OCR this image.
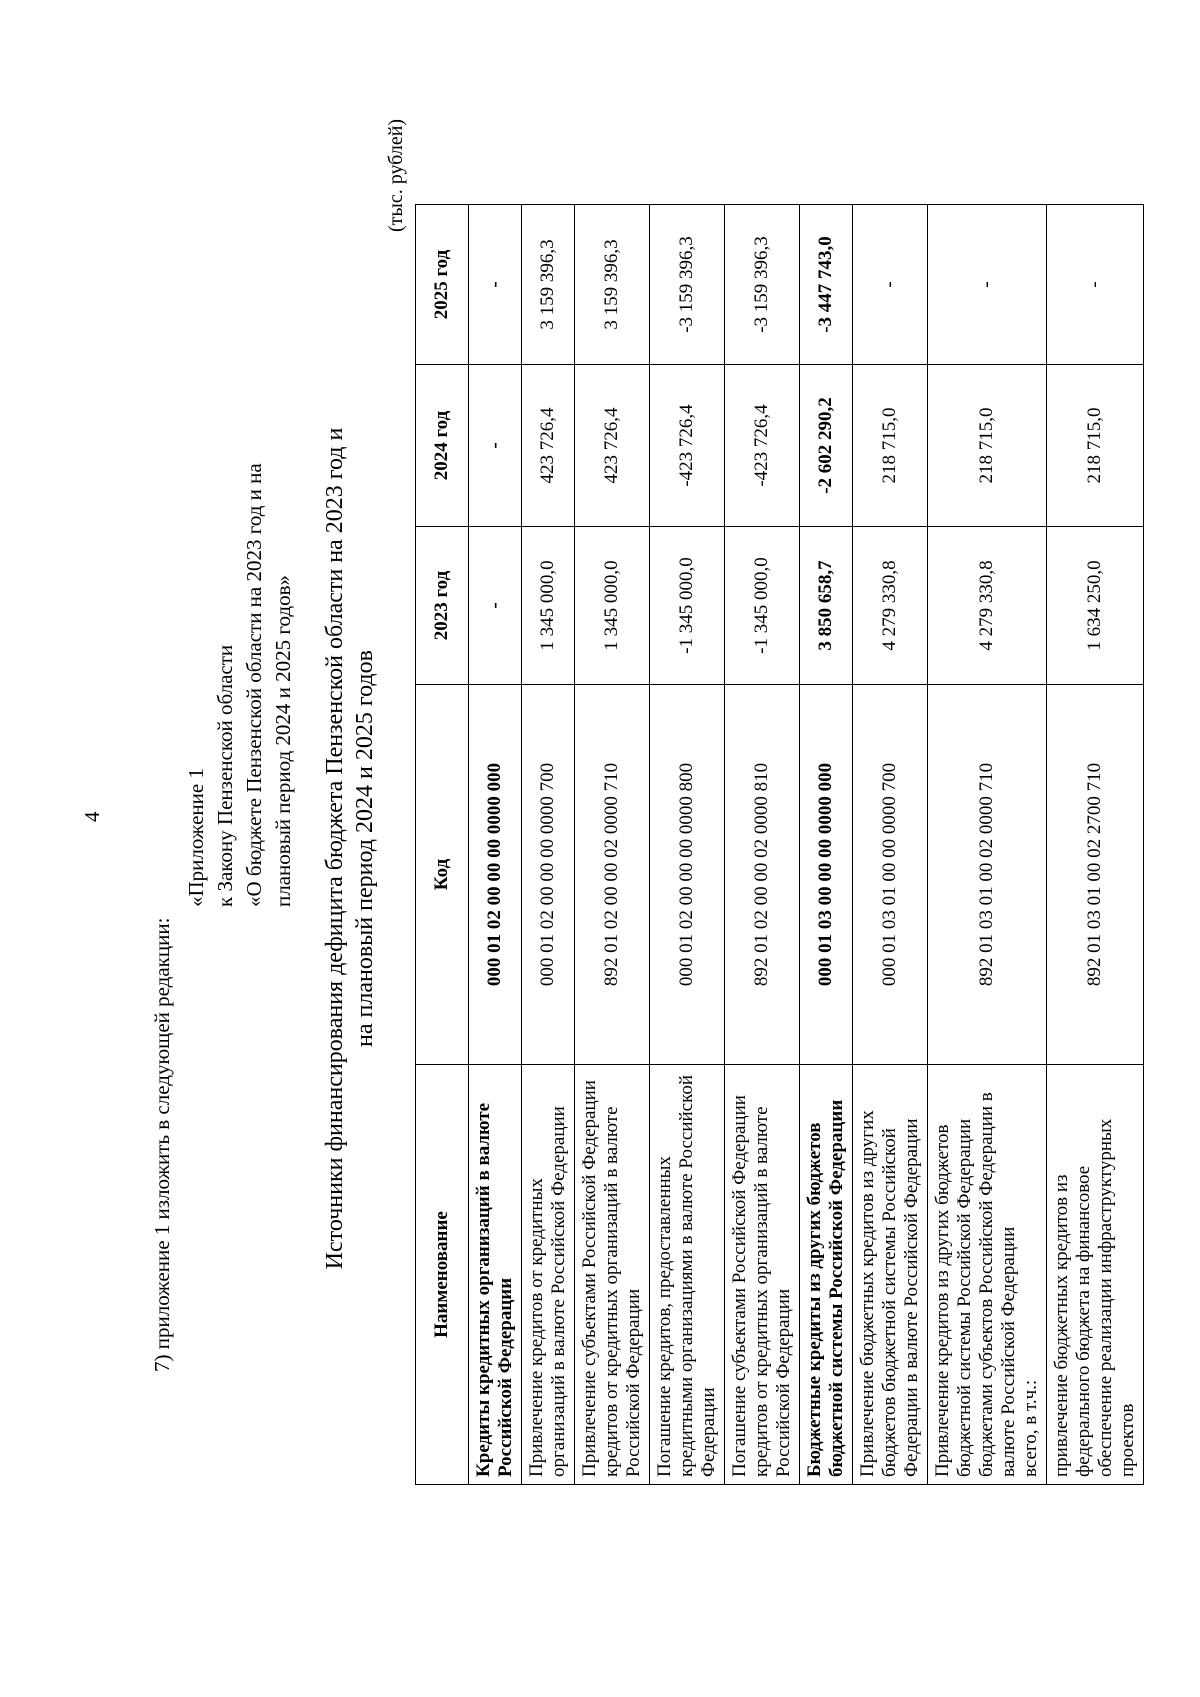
4
7) приложение 1 изложить в следующей редакции:
«Приложение 1 к Закону Пензенской области «О бюджете Пензенской области на 2023 год и на плановый период 2024 и 2025 годов» Источники финансирования дефицита бюджета Пензенской области на 2023 год и на плановый период 2024 и 2025 годов
(тыс. рублей)
Наименование	Код	2023 год	2024 год	2025 год
Кредиты кредитных организаций в валюте Российской Федерации	000 01 02 00 00 00 0000 000	-	-	-
Привлечение кредитов от кредитных организаций в валюте Российской Федерации	000 01 02 00 00 00 0000 700	1 345 000,0	423 726,4	3 159 396,3
Привлечение субъектами Российской Федерации кредитов от кредитных организаций в валюте Российской Федерации	892 01 02 00 00 02 0000 710	1 345 000,0	423 726,4	3 159 396,3
Погашение кредитов, предоставленных кредитными организациями в валюте Российской Федерации	000 01 02 00 00 00 0000 800	-1 345 000,0	-423 726,4	-3 159 396,3
Погашение субъектами Российской Федерации кредитов от кредитных организаций в валюте Российской Федерации	892 01 02 00 00 02 0000 810	-1 345 000,0	-423 726,4	-3 159 396,3
Бюджетные кредиты из других бюджетов бюджетной системы Российской Федерации	000 01 03 00 00 00 0000 000	3 850 658,7	-2 602 290,2	-3 447 743,0
Привлечение бюджетных кредитов из других бюджетов бюджетной системы Российской Федерации в валюте Российской Федерации	000 01 03 01 00 00 0000 700	4 279 330,8	218 715,0	-

Привлечение кредитов из других бюджетов бюджетной системы Российской Федерации бюджетами субъектов Российской Федерации в валюте Российской Федерации всего, в т.ч.:	892 01 03 01 00 02 0000 710	4 279 330,8	218 715,0	-
привлечение бюджетных кредитов из федерального бюджета на финансовое обеспечение реализации инфраструктурных проектов	892 01 03 01 00 02 2700 710	1 634 250,0	218 715,0	-
